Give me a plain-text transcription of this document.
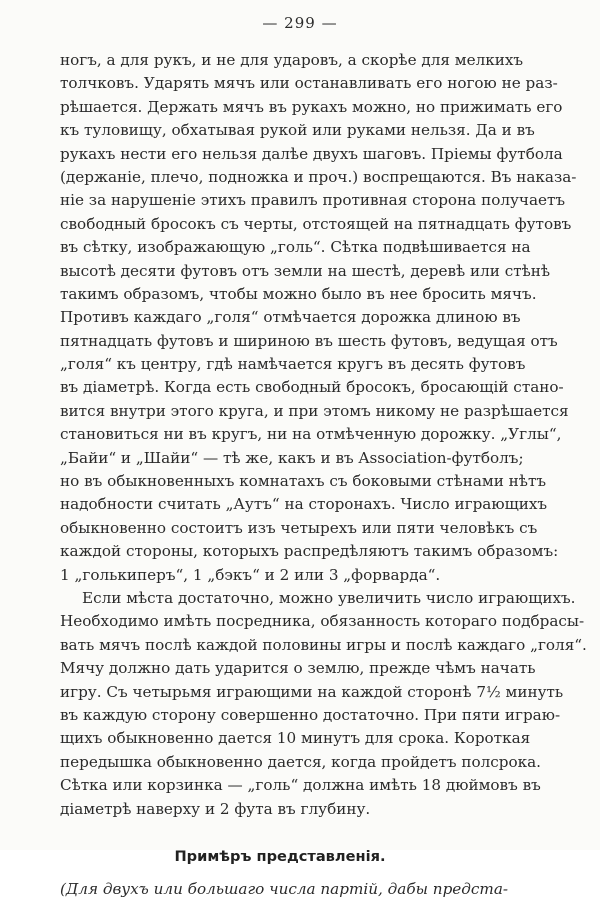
— 299 —
ногъ, а для рукъ, и не для ударовъ, а скорѣе для мелкихъ
толчковъ. Ударять мячъ или останавливать его ногою не раз-
рѣшается. Держать мячъ въ рукахъ можно, но прижимать его
къ туловищу, обхатывая рукой или руками нельзя. Да и въ
рукахъ нести его нельзя далѣе двухъ шаговъ. Пріемы футбола
(держаніе, плечо, подножка и проч.) воспрещаются. Въ наказа-
ніе за нарушеніе этихъ правилъ противная сторона получаетъ
свободный бросокъ съ черты, отстоящей на пятнадцать футовъ
въ сѣтку, изображающую „голь“. Сѣтка подвѣшивается на
высотѣ десяти футовъ отъ земли на шестѣ, деревѣ или стѣнѣ
такимъ образомъ, чтобы можно было въ нее бросить мячъ.
Противъ каждаго „голя“ отмѣчается дорожка длиною въ
пятнадцать футовъ и шириною въ шесть футовъ, ведущая отъ
„голя“ къ центру, гдѣ намѣчается кругъ въ десять футовъ
въ діаметрѣ. Когда есть свободный бросокъ, бросающій стано-
вится внутри этого круга, и при этомъ никому не разрѣшается
становиться ни въ кругъ, ни на отмѣченную дорожку. „Углы“,
„Байи“ и „Шайи“ — тѣ же, какъ и въ Association-футболъ;
но въ обыкновенныхъ комнатахъ съ боковыми стѣнами нѣтъ
надобности считать „Аутъ“ на сторонахъ. Число играющихъ
обыкновенно состоитъ изъ четырехъ или пяти человѣкъ съ
каждой стороны, которыхъ распредѣляютъ такимъ образомъ:
1 „голькиперъ“, 1 „бэкъ“ и 2 или 3 „форварда“.
Если мѣста достаточно, можно увеличить число играющихъ.
Необходимо имѣть посредника, обязанность котораго подбрасы-
вать мячъ послѣ каждой половины игры и послѣ каждаго „голя“.
Мячу должно дать ударится о землю, прежде чѣмъ начать
игру. Съ четырьмя играющими на каждой сторонѣ 7½ минуть
въ каждую сторону совершенно достаточно. При пяти играю-
щихъ обыкновенно дается 10 минутъ для срока. Короткая
передышка обыкновенно дается, когда пройдетъ полсрока.
Сѣтка или корзинка — „голь“ должна имѣть 18 дюймовъ въ
діаметрѣ наверху и 2 фута въ глубину.
Примѣръ представленія.
(Для двухъ или большаго числа партій, дабы предста-
